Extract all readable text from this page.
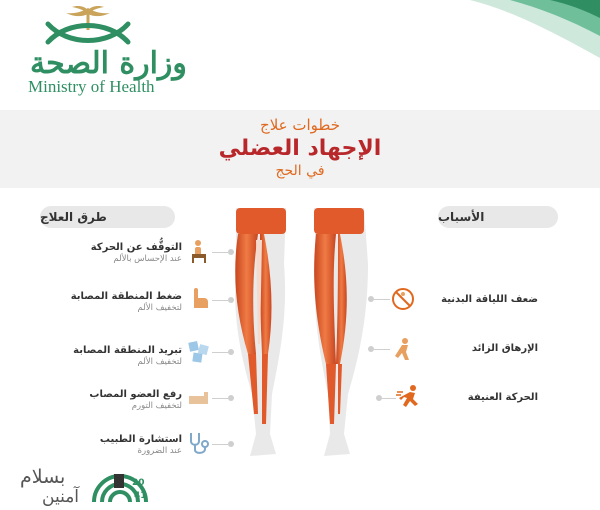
وزارة الصحة
Ministry of Health
خطوات علاج
الإجهاد العضلي
في الحج
طرق العلاج	الأسباب
التوقُّف عن الحركة
عند الإحساس بالألم
ضغط المنطقة المصابة
لتخفيف الألم
تبريد المنطقة المصابة
لتخفيف الألم
رفع العضو المصاب
لتخفيف التورم
استشارة الطبيب
عند الضرورة
ضعف اللياقة البدنية
الإرهاق الزائد
الحركة العنيفة
بسلام
آمنين
20
41
